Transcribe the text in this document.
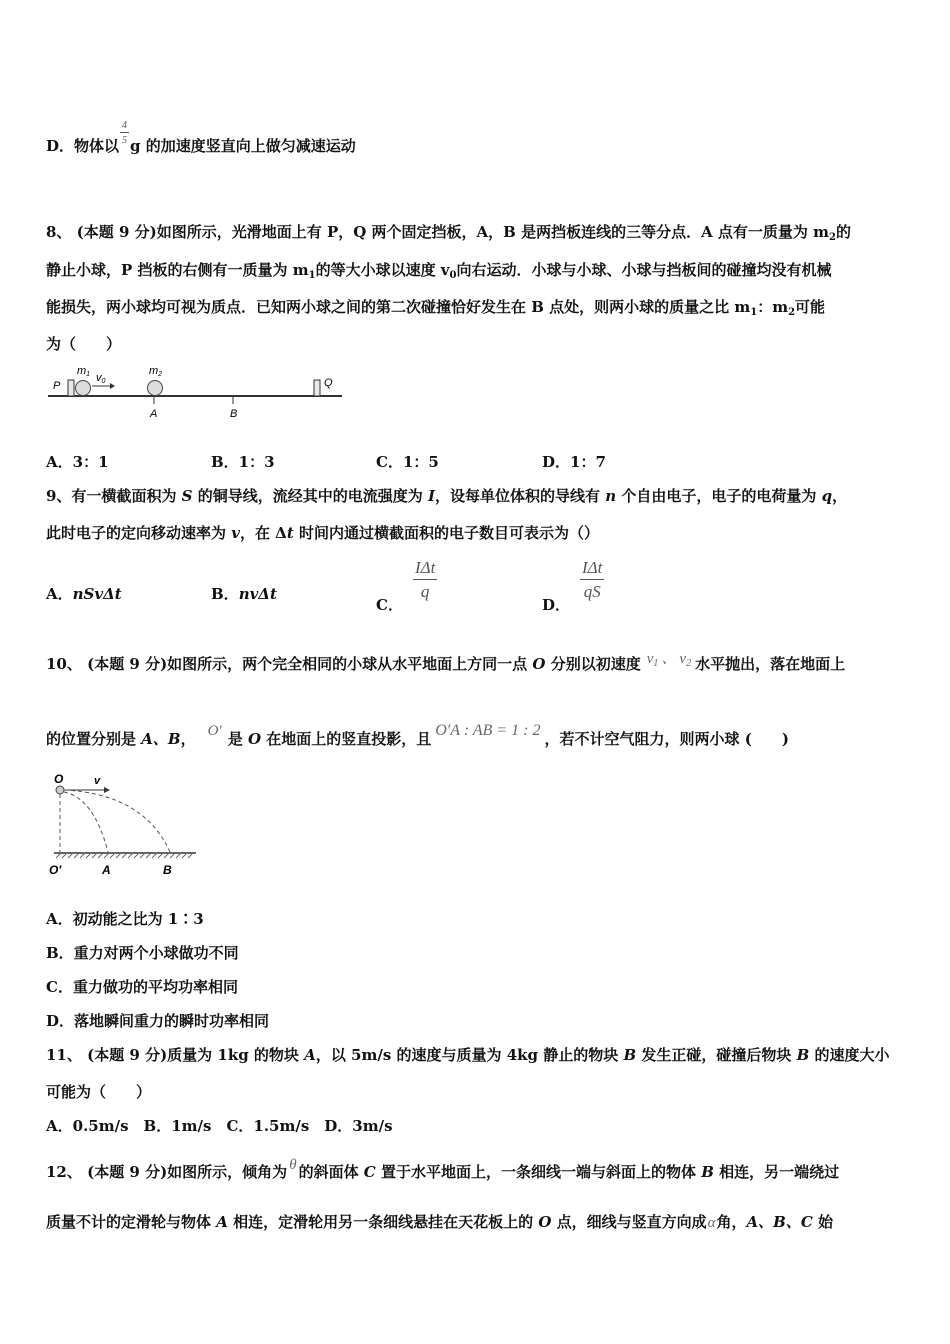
D．物体以 $\frac{4}{5}$ g 的加速度竖直向上做匀减速运动
8、 (本题 9 分)如图所示，光滑地面上有 P，Q 两个固定挡板，A，B 是两挡板连线的三等分点．A 点有一质量为 $m_2$的
静止小球，P 挡板的右侧有一质量为 $m_1$的等大小球以速度 $v_0$向右运动．小球与小球、小球与挡板间的碰撞均没有机械
能损失，两小球均可视为质点．已知两小球之间的第二次碰撞恰好发生在 B 点处，则两小球的质量之比 $m_1$：$m_2$可能
为（　　）
P
m1 v0
m2
Q
A	B
A．3：1	B．1：3	C．1：5	D．1：7
9、有一横截面积为 S 的铜导线，流经其中的电流强度为 I，设每单位体积的导线有 n 个自由电子，电子的电荷量为 q，
此时电子的定向移动速率为 v，在 Δt 时间内通过横截面积的电子数目可表示为（）
A．nSvΔt	B．nvΔt
C．
$\frac{\text{IΔt}}{q}$
D．
$\frac{\text{IΔt}}{qS}$
10、 (本题 9 分)如图所示，两个完全相同的小球从水平地面上方同一点 O 分别以初速度 $v_1$ 、 $v_2$ 水平抛出，落在地面上
的位置分别是 A、B， O′ 是 O 在地面上的竖直投影，且 O′A : AB = 1 : 2 ，若不计空气阻力，则两小球 (　　)
O	v
O′	A	B
A．初动能之比为 1∶3
B．重力对两个小球做功不同
C．重力做功的平均功率相同
D．落地瞬间重力的瞬时功率相同
11、 (本题 9 分)质量为 1kg 的物块 A，以 5m/s 的速度与质量为 4kg 静止的物块 B 发生正碰，碰撞后物块 B 的速度大小
可能为（　　）
A．0.5m/s　B．1m/s　C．1.5m/s　D．3m/s
12、 (本题 9 分)如图所示，倾角为 θ 的斜面体 C 置于水平地面上，一条细线一端与斜面上的物体 B 相连，另一端绕过
质量不计的定滑轮与物体 A 相连，定滑轮用另一条细线悬挂在天花板上的 O 点，细线与竖直方向成α角，A、B、C 始
